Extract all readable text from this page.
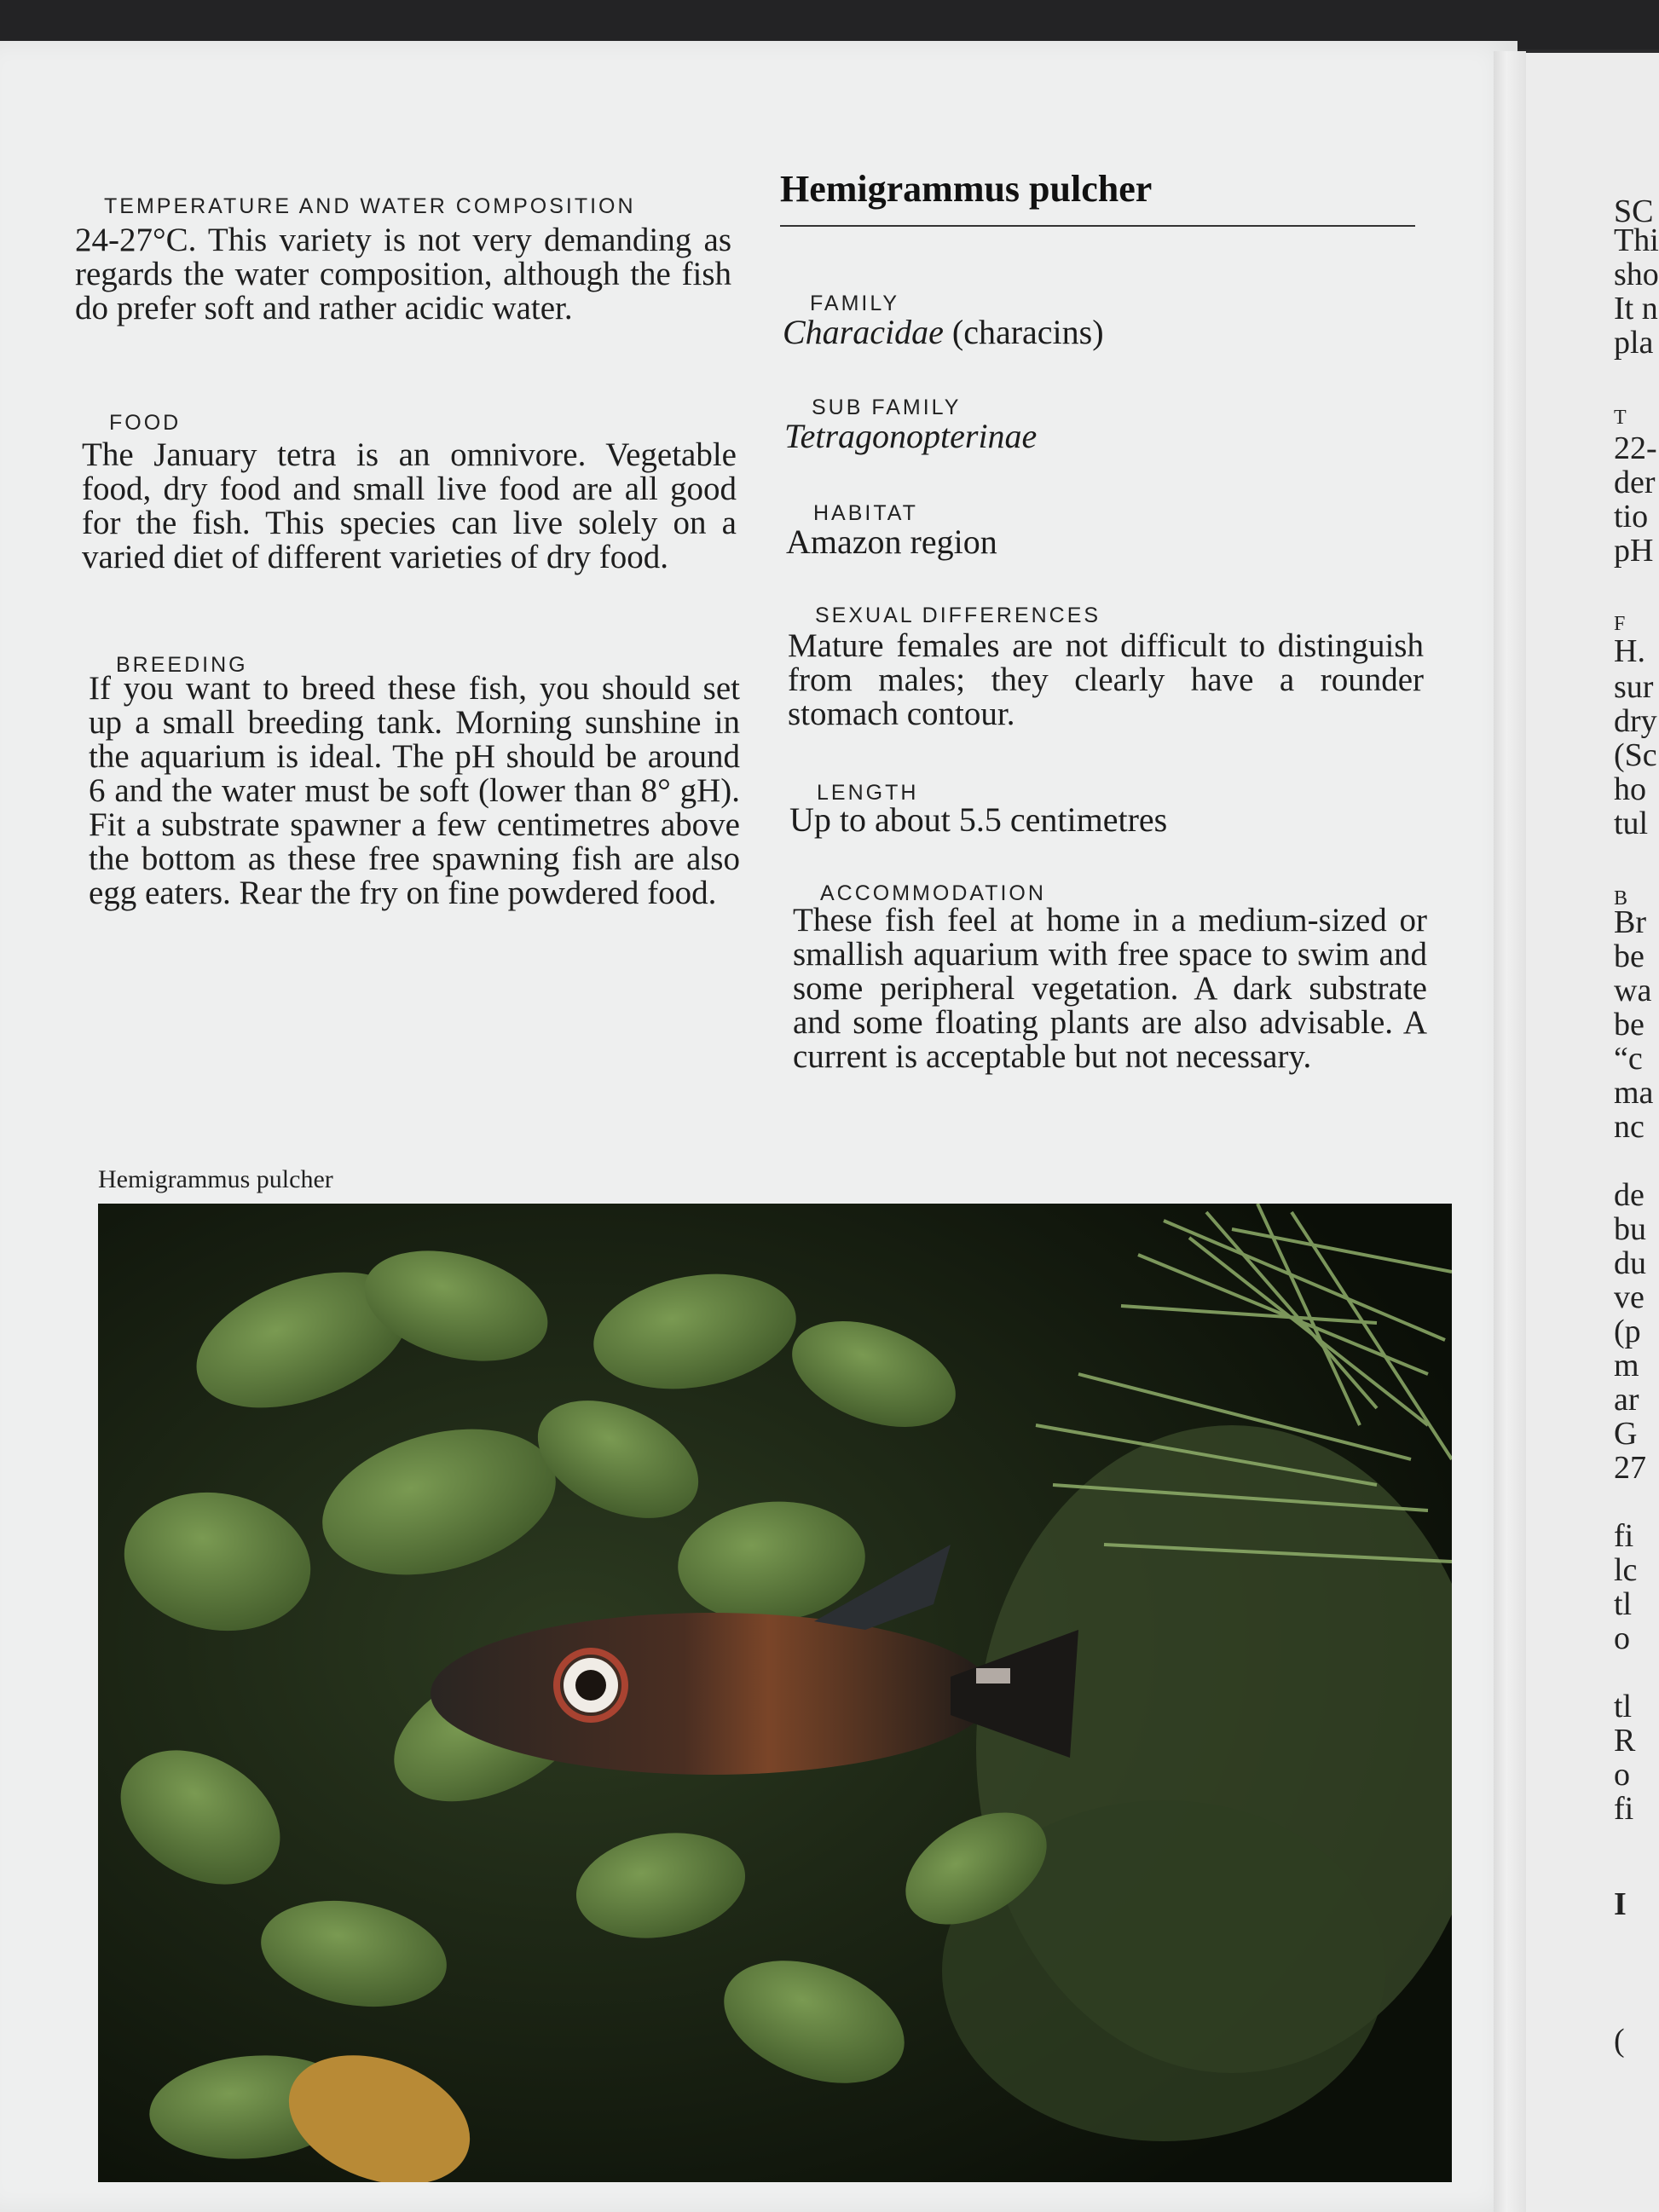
TEMPERATURE AND WATER COMPOSITION

24-27°C. This variety is not very demanding as regards the water composition, although the fish do prefer soft and rather acidic water.

FOOD

The January tetra is an omnivore. Vegetable food, dry food and small live food are all good for the fish. This species can live solely on a varied diet of different varieties of dry food.

BREEDING

If you want to breed these fish, you should set up a small breeding tank. Morning sunshine in the aquarium is ideal. The pH should be around 6 and the water must be soft (lower than 8° gH). Fit a substrate spawner a few centimetres above the bottom as these free spawning fish are also egg eaters. Rear the fry on fine powdered food.

Hemigrammus pulcher
FAMILY
Characidae (characins)
SUB FAMILY
Tetragonopterinae
HABITAT
Amazon region
SEXUAL DIFFERENCES

Mature females are not difficult to distinguish from males; they clearly have a rounder stomach contour.

LENGTH
Up to about 5.5 centimetres
ACCOMMODATION

These fish feel at home in a medium-sized or smallish aquarium with free space to swim and some peripheral vegetation. A dark substrate and some floating plants are also advisable. A current is acceptable but not necessary.

Hemigrammus pulcher
SC
Thi
sho
It n
pla
T
22-
der
tio
pH
F
H.
sur
dry
(Sc
ho
tul
B
Br
be
wa
be
“c
ma
nc
de
bu
du
ve
(p
m
ar
G
27
fi
lc
tl
o
tl
R
o
fi
I
(
